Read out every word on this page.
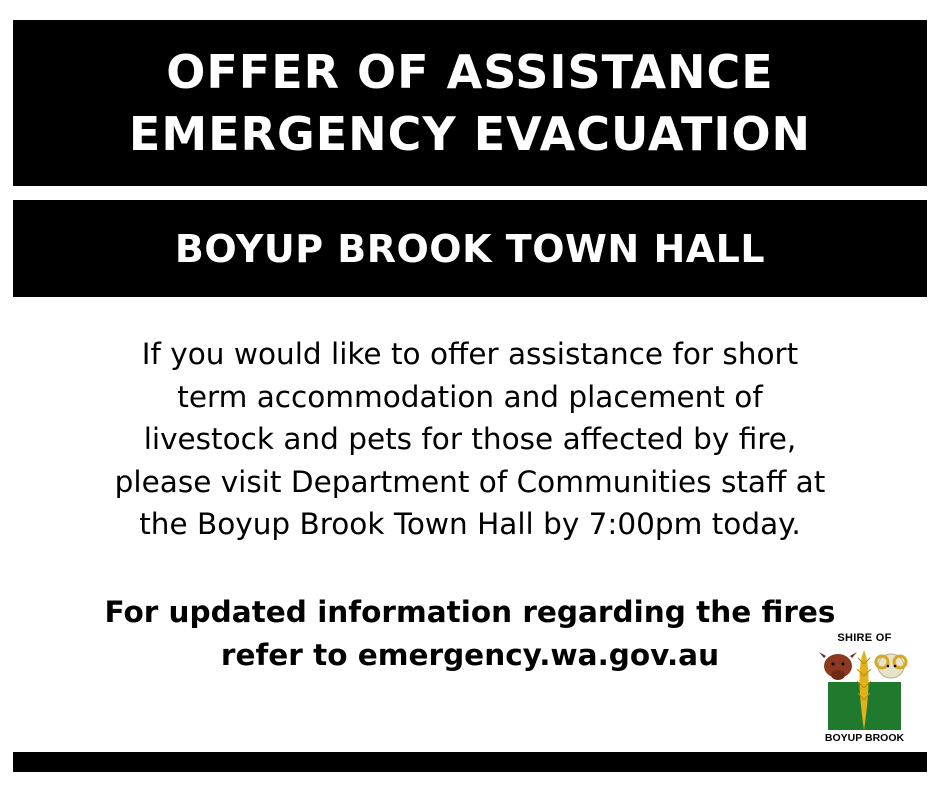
OFFER OF ASSISTANCE
EMERGENCY EVACUATION
BOYUP BROOK TOWN HALL
If you would like to offer assistance for short
term accommodation and placement of
livestock and pets for those affected by fire,
please visit Department of Communities staff at
the Boyup Brook Town Hall by 7:00pm today.
For updated information regarding the fires
refer to emergency.wa.gov.au	SHIRE OF
BOYUP BROOK
